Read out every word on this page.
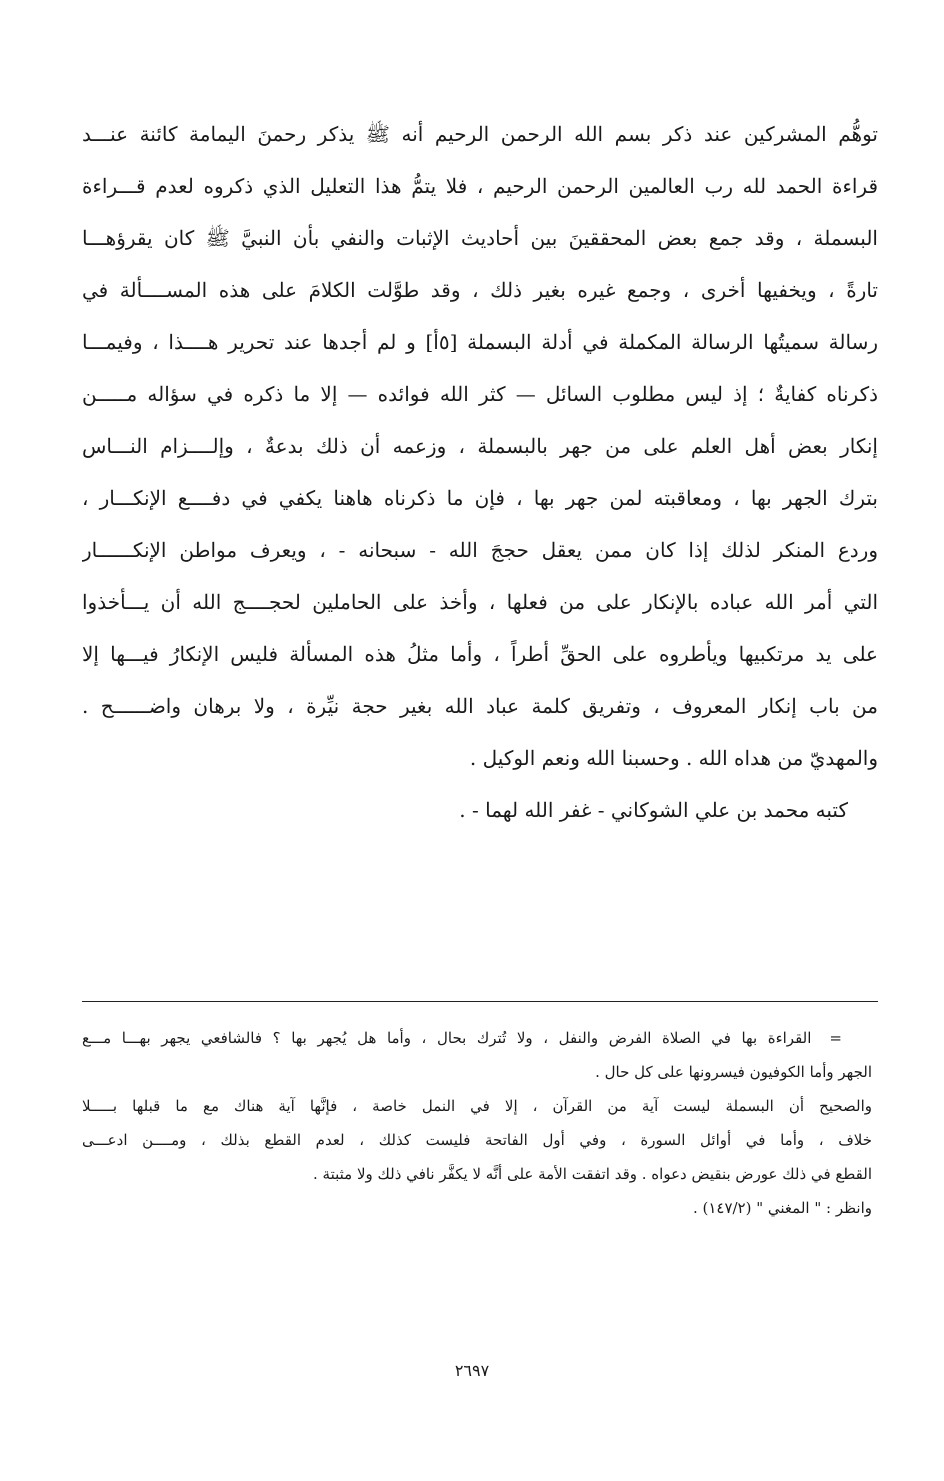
توهُّم المشركين عند ذكر بسم الله الرحمن الرحيم أنه ﷺ يذكر رحمنَ اليمامة كائنة عنـــد
قراءة الحمد لله رب العالمين الرحمن الرحيم ، فلا يتمُّ هذا التعليل الذي ذكروه لعدم قـــراءة
البسملة ، وقد جمع بعض المحققينَ بين أحاديث الإثبات والنفي بأن النبيَّ ﷺ كان يقرؤهـــا
تارةً ، ويخفيها أخرى ، وجمع غيره بغير ذلك ، وقد طوَّلت الكلامَ على هذه المســــألة في
رسالة سميتُها الرسالة المكملة في أدلة البسملة [٥أ] و لم أجدها عند تحرير هــــذا ، وفيمـــا
ذكرناه كفايةٌ ؛ إذ ليس مطلوب السائل — كثر الله فوائده — إلا ما ذكره في سؤاله مـــــن
إنكار بعض أهل العلم على من جهر بالبسملة ، وزعمه أن ذلك بدعةٌ ، وإلــــزام النـــاس
بترك الجهر بها ، ومعاقبته لمن جهر بها ، فإن ما ذكرناه هاهنا يكفي في دفــــع الإنكـــار ،
وردع المنكر لذلك إذا كان ممن يعقل حججَ الله - سبحانه - ، ويعرف مواطن الإنكــــــار
التي أمر الله عباده بالإنكار على من فعلها ، وأخذ على الحاملين لحجــــج الله أن يـــأخذوا
على يد مرتكبيها ويأطروه على الحقِّ أطراً ، وأما مثلُ هذه المسألة فليس الإنكارُ فيـــها إلا
من باب إنكار المعروف ، وتفريق كلمة عباد الله بغير حجة نيِّرة ، ولا برهان واضــــــح .
والمهديّ من هداه الله . وحسبنا الله ونعم الوكيل .
كتبه محمد بن علي الشوكاني - غفر الله لهما - .
=القراءة بها في الصلاة الفرض والنفل ، ولا تُترك بحال ، وأما هل يُجهر بها ؟ فالشافعي يجهر بهـــا مـــع
الجهر وأما الكوفيون فيسرونها على كل حال .
والصحيح أن البسملة ليست آية من القرآن ، إلا في النمل خاصة ، فإنَّها آية هناك مع ما قبلها بـــــلا
خلاف ، وأما في أوائل السورة ، وفي أول الفاتحة فليست كذلك ، لعدم القطع بذلك ، ومــــن ادعـــى
القطع في ذلك عورض بنقيض دعواه . وقد اتفقت الأمة على أنَّه لا يكفَّر نافي ذلك ولا مثبتة .
وانظر : " المغني " (١٤٧/٢) .
٢٦٩٧
